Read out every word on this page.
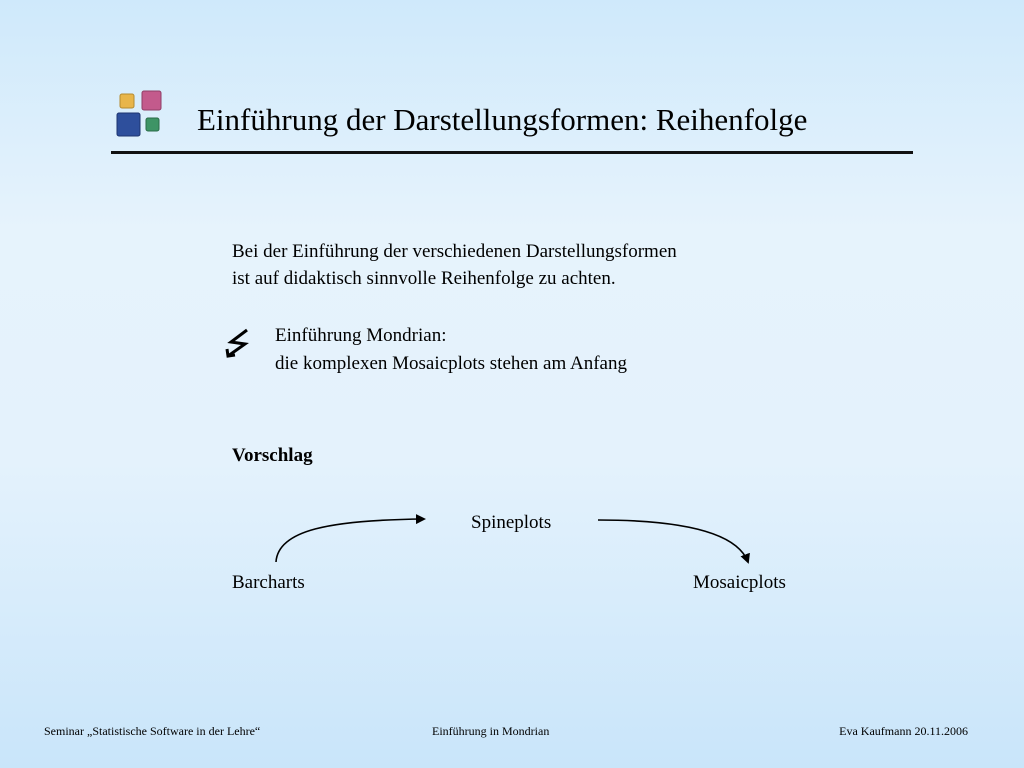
Einführung der Darstellungsformen: Reihenfolge
Bei der Einführung der verschiedenen Darstellungsformen
ist auf didaktisch sinnvolle Reihenfolge zu achten.
Einführung Mondrian:
die komplexen Mosaicplots stehen am Anfang
Vorschlag
Spineplots
Barcharts	Mosaicplots
Seminar „Statistische Software in der Lehre“	Einführung in Mondrian	Eva Kaufmann 20.11.2006
